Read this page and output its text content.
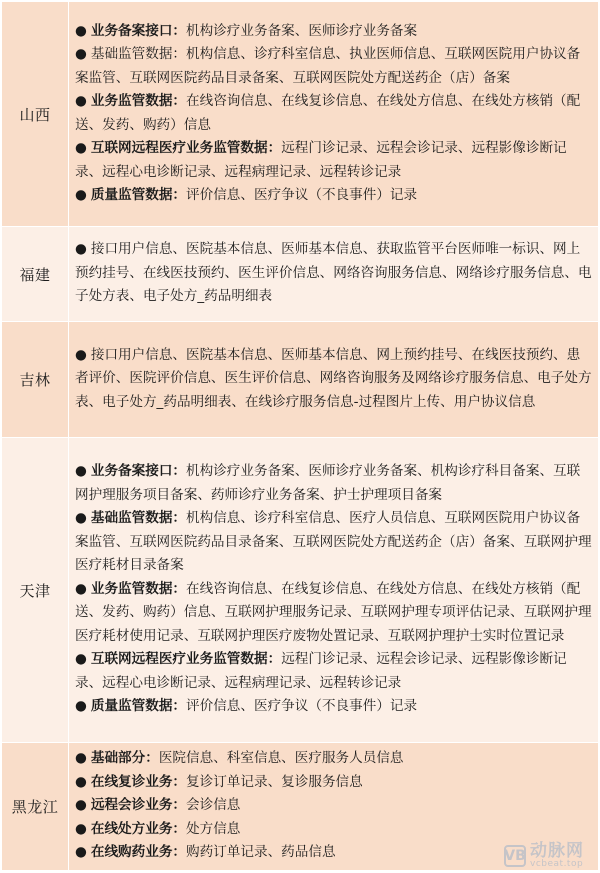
山西	● 业务备案接口：机构诊疗业务备案、医师诊疗业务备案

● 基础监管数据：机构信息、诊疗科室信息、执业医师信息、互联网医院用户协议备案监管、互联网医院药品目录备案、互联网医院处方配送药企（店）备案

● 业务监管数据：在线咨询信息、在线复诊信息、在线处方信息、在线处方核销（配送、发药、购药）信息

● 互联网远程医疗业务监管数据：远程门诊记录、远程会诊记录、远程影像诊断记录、远程心电诊断记录、远程病理记录、远程转诊记录

● 质量监管数据：评价信息、医疗争议（不良事件）记录

福建	● 接口用户信息、医院基本信息、医师基本信息、获取监管平台医师唯一标识、网上预约挂号、在线医技预约、医生评价信息、网络咨询服务信息、网络诊疗服务信息、电子处方表、电子处方_药品明细表

吉林	● 接口用户信息、医院基本信息、医师基本信息、网上预约挂号、在线医技预约、患者评价、医院评价信息、医生评价信息、网络咨询服务及网络诊疗服务信息、电子处方表、电子处方_药品明细表、在线诊疗服务信息-过程图片上传、用户协议信息

天津	● 业务备案接口：机构诊疗业务备案、医师诊疗业务备案、机构诊疗科目备案、互联网护理服务项目备案、药师诊疗业务备案、护士护理项目备案

● 基础监管数据：机构信息、诊疗科室信息、医疗人员信息、互联网医院用户协议备案监管、互联网医院药品目录备案、互联网医院处方配送药企（店）备案、互联网护理医疗耗材目录备案

● 业务监管数据：在线咨询信息、在线复诊信息、在线处方信息、在线处方核销（配送、发药、购药）信息、互联网护理服务记录、互联网护理专项评估记录、互联网护理医疗耗材使用记录、互联网护理医疗废物处置记录、互联网护理护士实时位置记录

● 互联网远程医疗业务监管数据：远程门诊记录、远程会诊记录、远程影像诊断记录、远程心电诊断记录、远程病理记录、远程转诊记录

● 质量监管数据：评价信息、医疗争议（不良事件）记录

黑龙江	● 基础部分：医院信息、科室信息、医疗服务人员信息

● 在线复诊业务：复诊订单记录、复诊服务信息

● 远程会诊业务：会诊信息

● 在线处方业务：处方信息

● 在线购药业务：购药订单记录、药品信息	VB 动脉网
vcbeat.top
